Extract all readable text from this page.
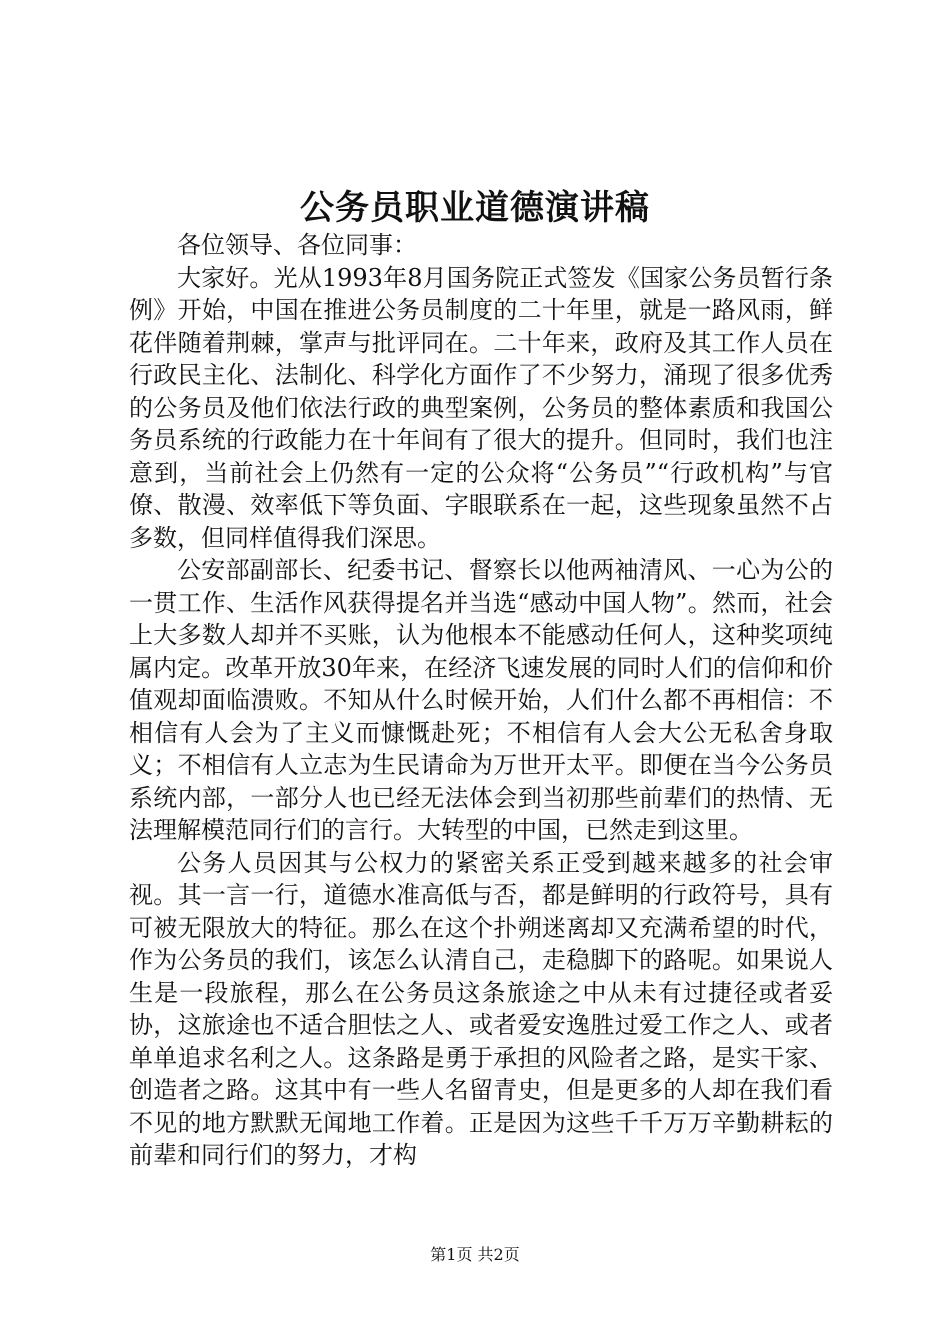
公务员职业道德演讲稿

各位领导、各位同事：

大家好。光从1993年8月国务院正式签发《国家公务员暂行条例》开始，中国在推进公务员制度的二十年里，就是一路风雨，鲜花伴随着荆棘，掌声与批评同在。二十年来，政府及其工作人员在行政民主化、法制化、科学化方面作了不少努力，涌现了很多优秀的公务员及他们依法行政的典型案例，公务员的整体素质和我国公务员系统的行政能力在十年间有了很大的提升。但同时，我们也注意到，当前社会上仍然有一定的公众将“公务员”“行政机构”与官僚、散漫、效率低下等负面、字眼联系在一起，这些现象虽然不占多数，但同样值得我们深思。

公安部副部长、纪委书记、督察长以他两袖清风、一心为公的一贯工作、生活作风获得提名并当选“感动中国人物”。然而，社会上大多数人却并不买账，认为他根本不能感动任何人，这种奖项纯属内定。改革开放30年来，在经济飞速发展的同时人们的信仰和价值观却面临溃败。不知从什么时候开始，人们什么都不再相信：不相信有人会为了主义而慷慨赴死；不相信有人会大公无私舍身取义；不相信有人立志为生民请命为万世开太平。即便在当今公务员系统内部，一部分人也已经无法体会到当初那些前辈们的热情、无法理解模范同行们的言行。大转型的中国，已然走到这里。

公务人员因其与公权力的紧密关系正受到越来越多的社会审视。其一言一行，道德水准高低与否，都是鲜明的行政符号，具有可被无限放大的特征。那么在这个扑朔迷离却又充满希望的时代，作为公务员的我们，该怎么认清自己，走稳脚下的路呢。如果说人生是一段旅程，那么在公务员这条旅途之中从未有过捷径或者妥协，这旅途也不适合胆怯之人、或者爱安逸胜过爱工作之人、或者单单追求名利之人。这条路是勇于承担的风险者之路，是实干家、创造者之路。这其中有一些人名留青史，但是更多的人却在我们看不见的地方默默无闻地工作着。正是因为这些千千万万辛勤耕耘的前辈和同行们的努力，才构

第1页 共2页
